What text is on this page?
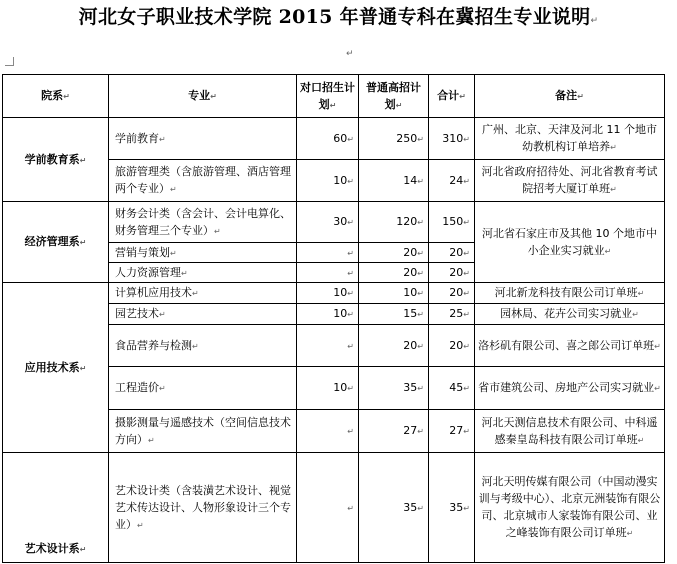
河北女子职业技术学院 2015 年普通专科在冀招生专业说明↵
↵
院系↵	专业↵	对口招生计划↵	普通高招计划↵	合计↵	备注↵
学前教育系↵	学前教育↵	60↵	250↵	310↵	广州、北京、天津及河北 11 个地市幼教机构订单培养↵
	旅游管理类（含旅游管理、酒店管理两个专业）↵	10↵	14↵	24↵	河北省政府招待处、河北省教育考试院招考大厦订单班↵
经济管理系↵	财务会计类（含会计、会计电算化、财务管理三个专业）↵	30↵	120↵	150↵	河北省石家庄市及其他 10 个地市中小企业实习就业↵
	营销与策划↵	↵	20↵	20↵	
	人力资源管理↵	↵	20↵	20↵	
应用技术系↵	计算机应用技术↵	10↵	10↵	20↵	河北新龙科技有限公司订单班↵
	园艺技术↵	10↵	15↵	25↵	园林局、花卉公司实习就业↵
	食品营养与检测↵	↵	20↵	20↵	洛杉矶有限公司、喜之郎公司订单班↵
	工程造价↵	10↵	35↵	45↵	省市建筑公司、房地产公司实习就业↵
	摄影测量与遥感技术（空间信息技术方向）↵	↵	27↵	27↵	河北天测信息技术有限公司、中科遥感秦皇岛科技有限公司订单班↵
艺术设计系↵	艺术设计类（含装潢艺术设计、视觉艺术传达设计、人物形象设计三个专业）↵	↵	35↵	35↵	河北天明传媒有限公司（中国动漫实训与考级中心）、北京元洲装饰有限公司、北京城市人家装饰有限公司、业之峰装饰有限公司订单班↵
